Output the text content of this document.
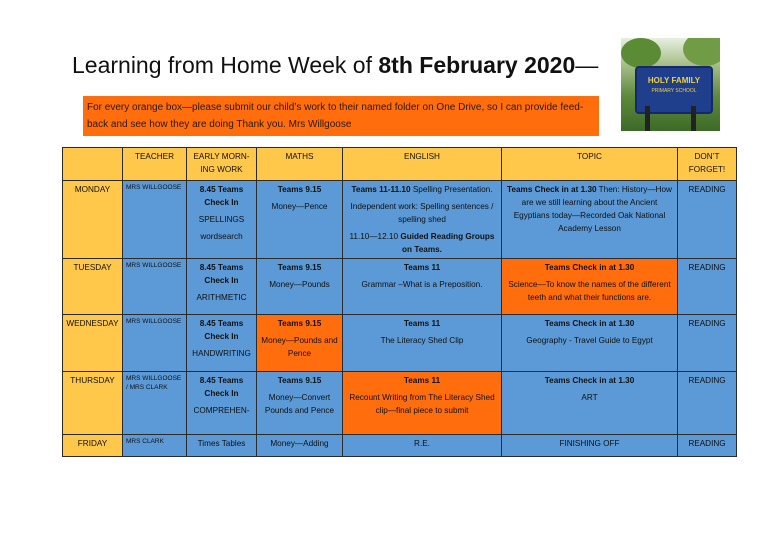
Learning from Home Week of 8th February 2020—
HOLY FAMILY
PRIMARY SCHOOL
For every orange box—please submit our child’s work to their named folder on One Drive, so I can provide feed-back and see how they are doing Thank you. Mrs Willgoose
	TEACHER	EARLY MORN-ING WORK	MATHS	ENGLISH	TOPIC	DON’T FORGET!
MONDAY	MRS WILLGOOSE	8.45 Teams Check In
SPELLINGS
wordsearch	Teams 9.15
Money—Pence	Teams 11-11.10 Spelling Presentation.
Independent work: Spelling sentences / spelling shed
11.10—12.10 Guided Reading Groups on Teams.	Teams Check in at 1.30 Then: History—How are we still learning about the Ancient Egyptians today—Recorded Oak National Academy Lesson	READING
TUESDAY	MRS WILLGOOSE	8.45 Teams Check In
ARITHMETIC	Teams 9.15
Money—Pounds	Teams 11
Grammar –What is a Preposition.	Teams Check in at 1.30
Science—To know the names of the different teeth and what their functions are.	READING
WEDNESDAY	MRS WILLGOOSE	8.45 Teams Check In
HANDWRITING	Teams 9.15
Money—Pounds and Pence	Teams 11
The Literacy Shed Clip	Teams Check in at 1.30
Geography - Travel Guide to Egypt	READING
THURSDAY	MRS WILLGOOSE / MRS CLARK	8.45 Teams Check In
COMPREHEN-	Teams 9.15
Money—Convert Pounds and Pence	Teams 11
Recount Writing from The Literacy Shed clip—final piece to submit	Teams Check in at 1.30
ART	READING
FRIDAY	MRS CLARK	Times Tables	Money—Adding	R.E.	FINISHING OFF	READING
